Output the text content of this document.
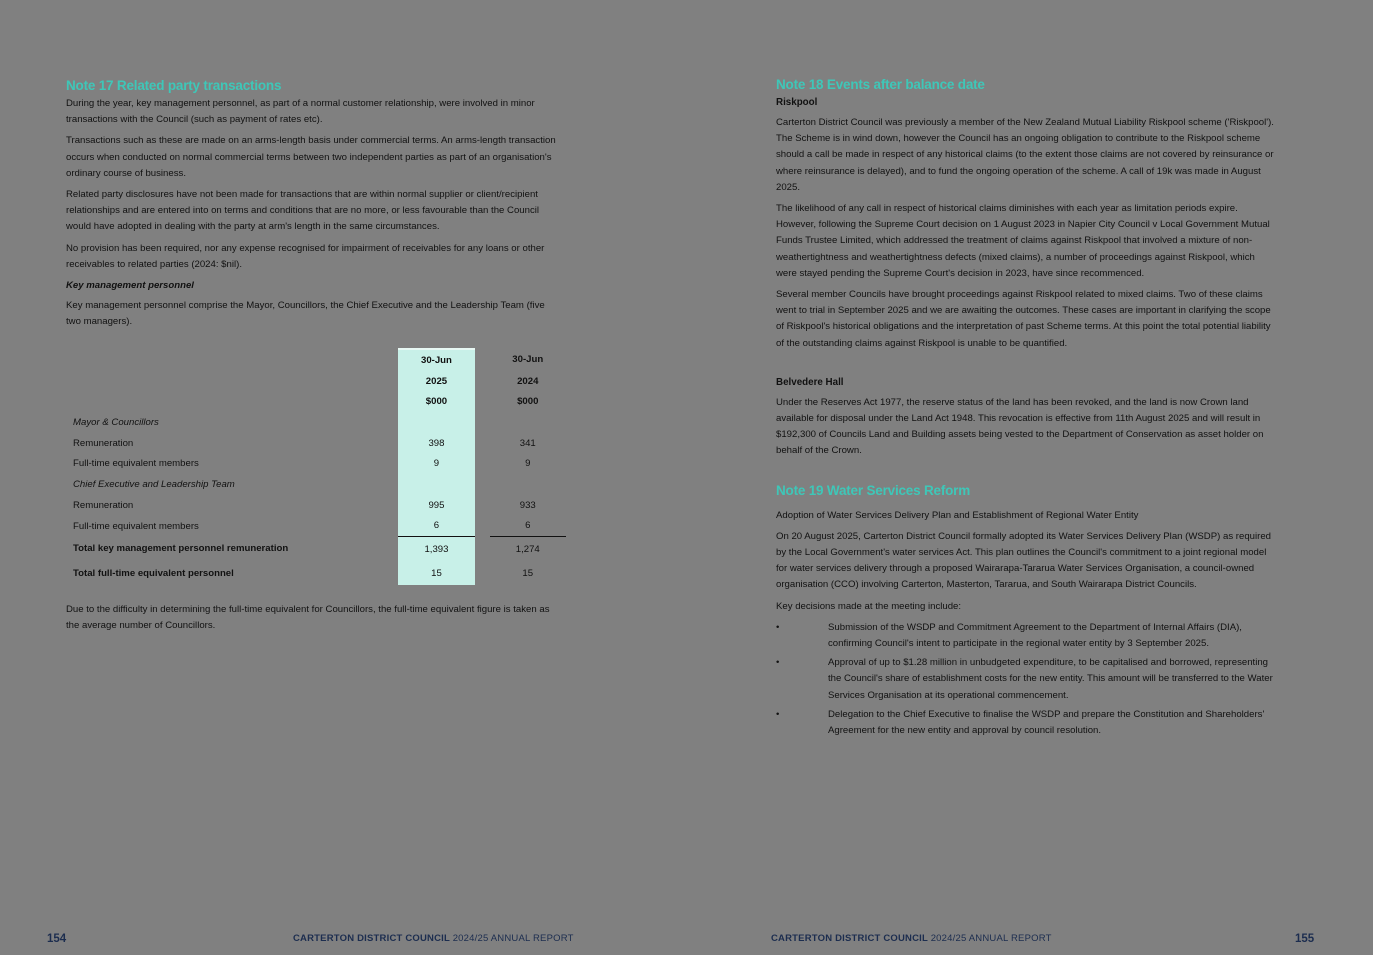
Note 17 Related party transactions

During the year, key management personnel, as part of a normal customer relationship, were involved in minor transactions with the Council (such as payment of rates etc).

Transactions such as these are made on an arms-length basis under commercial terms. An arms-length transaction occurs when conducted on normal commercial terms between two independent parties as part of an organisation's ordinary course of business.

Related party disclosures have not been made for transactions that are within normal supplier or client/recipient relationships and are entered into on terms and conditions that are no more, or less favourable than the Council would have adopted in dealing with the party at arm's length in the same circumstances.

No provision has been required, nor any expense recognised for impairment of receivables for any loans or other receivables to related parties (2024: $nil).

Key management personnel

Key management personnel comprise the Mayor, Councillors, the Chief Executive and the Leadership Team (five two managers).

	30-Jun		30-Jun
	2025		2024
	$000		$000
Mayor & Councillors			
Remuneration	398		341
Full-time equivalent members	9		9
Chief Executive and Leadership Team			
Remuneration	995		933
Full-time equivalent members	6		6
Total key management personnel remuneration	1,393		1,274
Total full-time equivalent personnel	15		15

Due to the difficulty in determining the full-time equivalent for Councillors, the full-time equivalent figure is taken as the average number of Councillors.

154	CARTERTON DISTRICT COUNCIL 2024/25 ANNUAL REPORT
Note 18 Events after balance date
Riskpool

Carterton District Council was previously a member of the New Zealand Mutual Liability Riskpool scheme ('Riskpool'). The Scheme is in wind down, however the Council has an ongoing obligation to contribute to the Riskpool scheme should a call be made in respect of any historical claims (to the extent those claims are not covered by reinsurance or where reinsurance is delayed), and to fund the ongoing operation of the scheme. A call of 19k was made in August 2025.

The likelihood of any call in respect of historical claims diminishes with each year as limitation periods expire. However, following the Supreme Court decision on 1 August 2023 in Napier City Council v Local Government Mutual Funds Trustee Limited, which addressed the treatment of claims against Riskpool that involved a mixture of non-weathertightness and weathertightness defects (mixed claims), a number of proceedings against Riskpool, which were stayed pending the Supreme Court's decision in 2023, have since recommenced.

Several member Councils have brought proceedings against Riskpool related to mixed claims. Two of these claims went to trial in September 2025 and we are awaiting the outcomes. These cases are important in clarifying the scope of Riskpool's historical obligations and the interpretation of past Scheme terms. At this point the total potential liability of the outstanding claims against Riskpool is unable to be quantified.

Belvedere Hall

Under the Reserves Act 1977, the reserve status of the land has been revoked, and the land is now Crown land available for disposal under the Land Act 1948. This revocation is effective from 11th August 2025 and will result in $192,300 of Councils Land and Building assets being vested to the Department of Conservation as asset holder on behalf of the Crown.

Note 19 Water Services Reform

Adoption of Water Services Delivery Plan and Establishment of Regional Water Entity

On 20 August 2025, Carterton District Council formally adopted its Water Services Delivery Plan (WSDP) as required by the Local Government's water services Act. This plan outlines the Council's commitment to a joint regional model for water services delivery through a proposed Wairarapa-Tararua Water Services Organisation, a council-owned organisation (CCO) involving Carterton, Masterton, Tararua, and South Wairarapa District Councils.

Key decisions made at the meeting include:

•	Submission of the WSDP and Commitment Agreement to the Department of Internal Affairs (DIA), confirming Council's intent to participate in the regional water entity by 3 September 2025.
•	Approval of up to $1.28 million in unbudgeted expenditure, to be capitalised and borrowed, representing the Council's share of establishment costs for the new entity. This amount will be transferred to the Water Services Organisation at its operational commencement.
•	Delegation to the Chief Executive to finalise the WSDP and prepare the Constitution and Shareholders' Agreement for the new entity and approval by council resolution.
CARTERTON DISTRICT COUNCIL 2024/25 ANNUAL REPORT	155
